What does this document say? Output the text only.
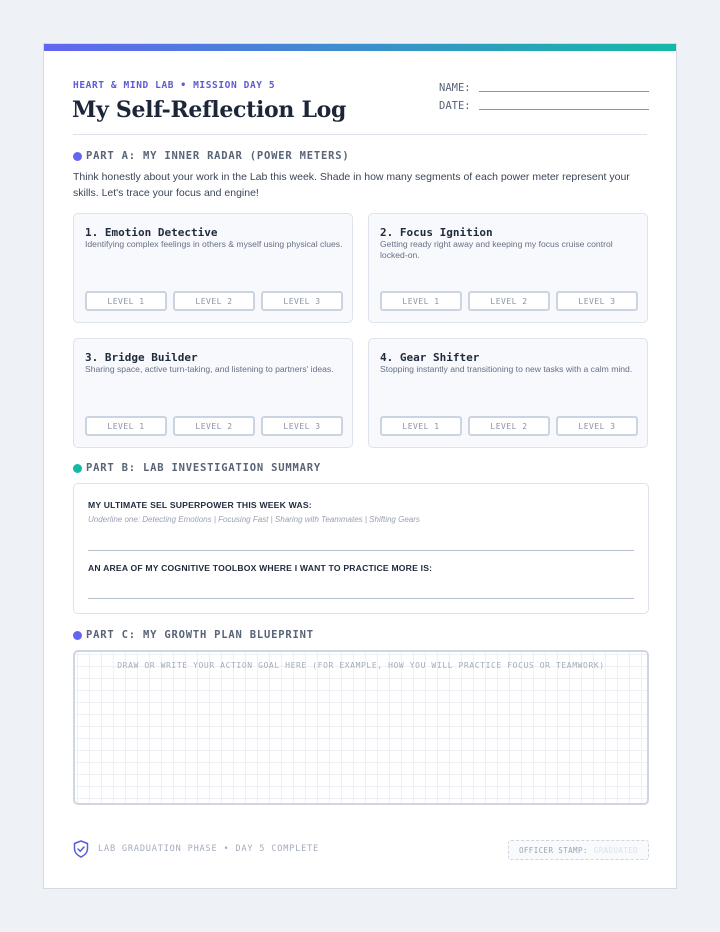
HEART & MIND LAB • MISSION DAY 5
My Self-Reflection Log
NAME:
DATE:
PART A: MY INNER RADAR (POWER METERS)

Think honestly about your work in the Lab this week. Shade in how many segments of each power meter represent your skills. Let's trace your focus and engine!

1. Emotion Detective
Identifying complex feelings in others & myself using physical clues.
LEVEL 1	LEVEL 2	LEVEL 3
2. Focus Ignition
Getting ready right away and keeping my focus cruise control locked-on.
LEVEL 1	LEVEL 2	LEVEL 3
3. Bridge Builder
Sharing space, active turn-taking, and listening to partners' ideas.
LEVEL 1	LEVEL 2	LEVEL 3
4. Gear Shifter
Stopping instantly and transitioning to new tasks with a calm mind.
LEVEL 1	LEVEL 2	LEVEL 3
PART B: LAB INVESTIGATION SUMMARY
MY ULTIMATE SEL SUPERPOWER THIS WEEK WAS:
Underline one: Detecting Emotions | Focusing Fast | Sharing with Teammates | Shifting Gears
AN AREA OF MY COGNITIVE TOOLBOX WHERE I WANT TO PRACTICE MORE IS:
PART C: MY GROWTH PLAN BLUEPRINT
DRAW OR WRITE YOUR ACTION GOAL HERE (FOR EXAMPLE, HOW YOU WILL PRACTICE FOCUS OR TEAMWORK)
LAB GRADUATION PHASE • DAY 5 COMPLETE	OFFICER STAMP: GRADUATED
